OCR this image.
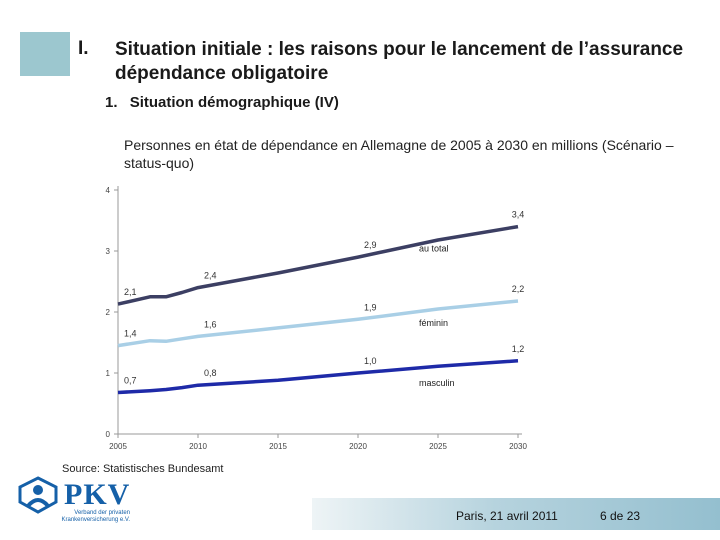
I. Situation initiale : les raisons pour le lancement de l’assurance dépendance obligatoire
1. Situation démographique (IV)
Personnes en état de dépendance en Allemagne de 2005 à 2030 en millions (Scénario – status-quo)
0
1
2
3
4
2005	2010	2015	2020	2025	2030
2,1
2,4
2,9
3,4
au total
1,4
1,6
1,9
2,2
féminin
0,7
0,8
1,0
1,2
masculin
Source: Statistisches Bundesamt
PKV
Verband der privaten
Krankenversicherung e.V.	Paris, 21 avril 2011	6 de 23
